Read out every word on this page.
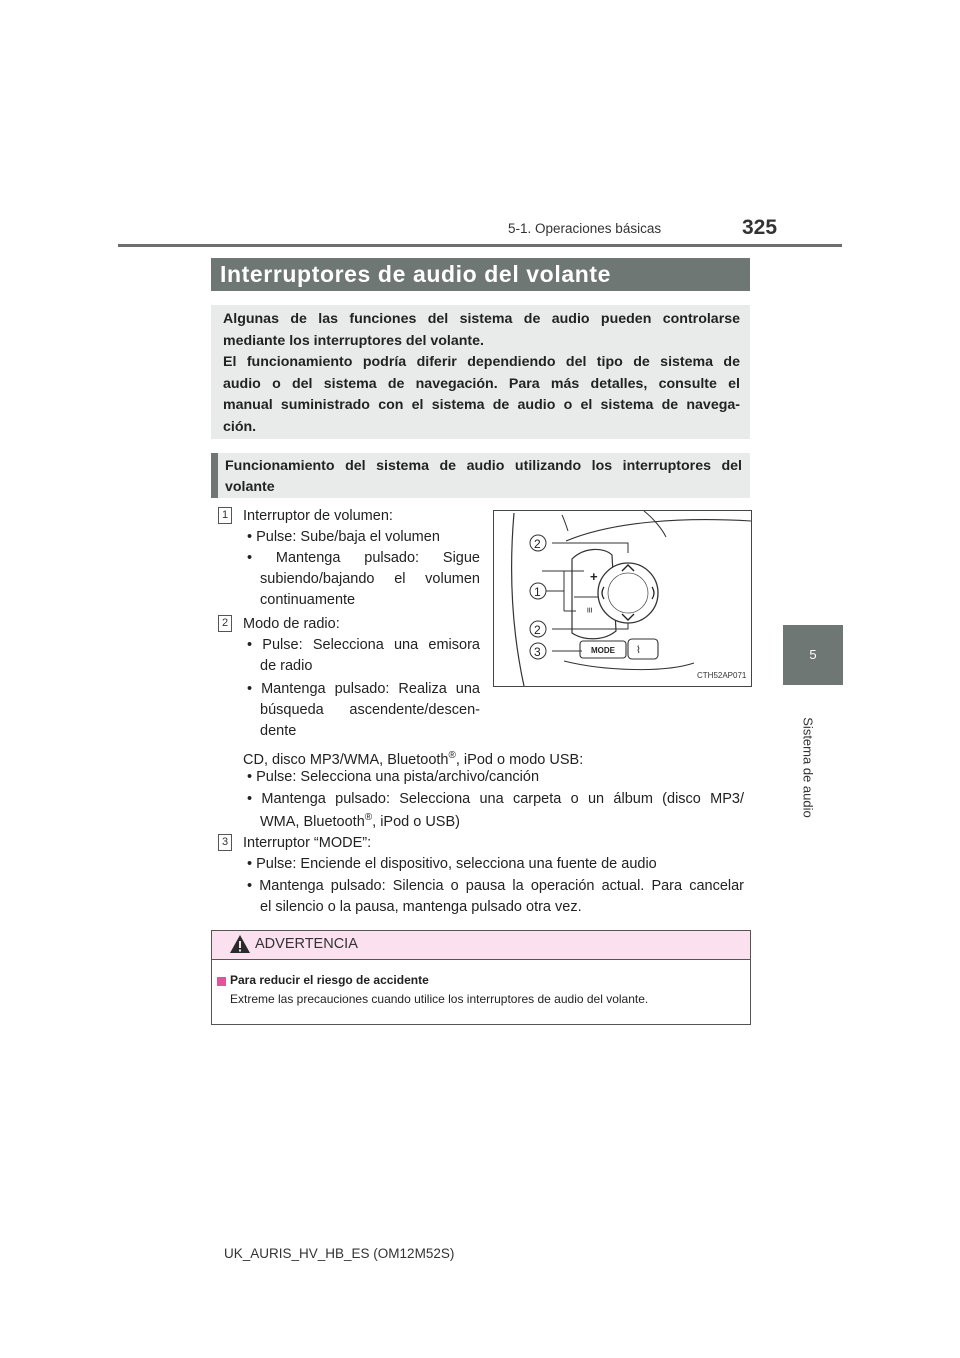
5-1. Operaciones básicas	325
5
Sistema de audio
Interruptores de audio del volante

Algunas de las funciones del sistema de audio pueden controlarse

mediante los interruptores del volante.

El funcionamiento podría diferir dependiendo del tipo de sistema de

audio o del sistema de navegación. Para más detalles, consulte el

manual suministrado con el sistema de audio o el sistema de navega-

ción.

Funcionamiento del sistema de audio utilizando los interruptores del
volante
1 Interruptor de volumen:
• Pulse: Sube/baja el volumen
• Mantenga pulsado: Sigue
subiendo/bajando el volumen
continuamente
2 Modo de radio:
• Pulse: Selecciona una emisora
de radio
• Mantenga pulsado: Realiza una
búsqueda ascendente/descen-
dente
CD, disco MP3/WMA, Bluetooth®, iPod o modo USB:
• Pulse: Selecciona una pista/archivo/canción
• Mantenga pulsado: Selecciona una carpeta o un álbum (disco MP3/
WMA, Bluetooth®, iPod o USB)
3 Interruptor “MODE”:
• Pulse: Enciende el dispositivo, selecciona una fuente de audio
• Mantenga pulsado: Silencia o pausa la operación actual. Para cancelar
el silencio o la pausa, mantenga pulsado otra vez.
+
≡
MODE ⌇
2
1
2
3
CTH52AP071
ADVERTENCIA
Para reducir el riesgo de accidente
Extreme las precauciones cuando utilice los interruptores de audio del volante.
UK_AURIS_HV_HB_ES (OM12M52S)
